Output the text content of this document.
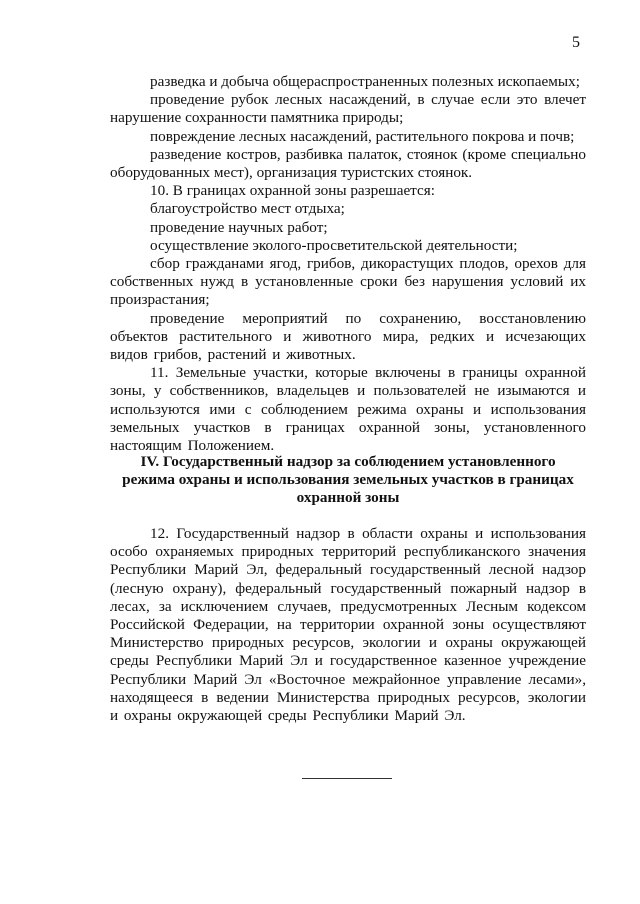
5

разведка и добыча общераспространенных полезных ископаемых;

проведение рубок лесных насаждений, в случае если это влечет нарушение сохранности памятника природы;

повреждение лесных насаждений, растительного покрова и почв;

разведение костров, разбивка палаток, стоянок (кроме специально оборудованных мест), организация туристских стоянок.

10. В границах охранной зоны разрешается:

благоустройство мест отдыха;

проведение научных работ;

осуществление эколого-просветительской деятельности;

сбор гражданами ягод, грибов, дикорастущих плодов, орехов для собственных нужд в установленные сроки без нарушения условий их произрастания;

проведение мероприятий по сохранению, восстановлению объектов растительного и животного мира, редких и исчезающих видов грибов, растений и животных.

11. Земельные участки, которые включены в границы охранной зоны, у собственников, владельцев и пользователей не изымаются и используются ими с соблюдением режима охраны и использования земельных участков в границах охранной зоны, установленного настоящим Положением.

IV. Государственный надзор за соблюдением установленного
режима охраны и использования земельных участков в границах
охранной зоны

12. Государственный надзор в области охраны и использования особо охраняемых природных территорий республиканского значения Республики Марий Эл, федеральный государственный лесной надзор (лесную охрану), федеральный государственный пожарный надзор в лесах, за исключением случаев, предусмотренных Лесным кодексом Российской Федерации, на территории охранной зоны осуществляют Министерство природных ресурсов, экологии и охраны окружающей среды Республики Марий Эл и государственное казенное учреждение Республики Марий Эл «Восточное межрайонное управление лесами», находящееся в ведении Министерства природных ресурсов, экологии и охраны окружающей среды Республики Марий Эл.
